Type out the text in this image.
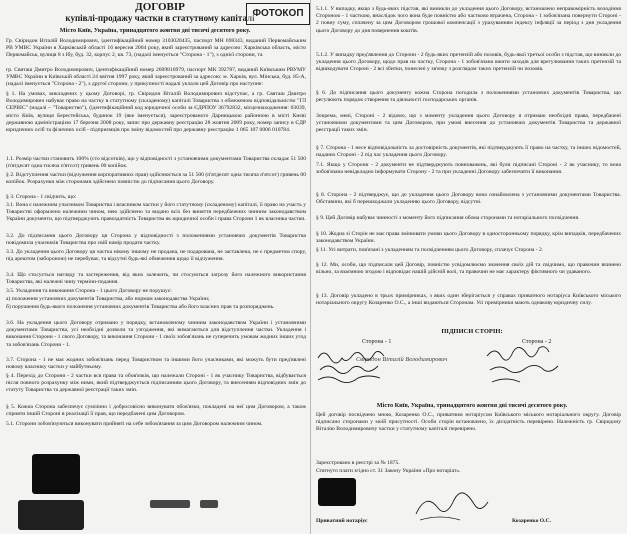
ДОГОВІР
купівлі-продажу частки в статутному капіталі
ФОТОКОП
Місто Київ, Україна, тринадцятого жовтня дві тисячі десятого року.
Гр. Свіридон Віталій Володимирович, ідентифікаційний номер 3103020435, паспорт МН 698343, виданий Первомайським РВ УМВС України в Харківській області 16 вересня 2004 року, який зареєстрований за адресою: Харківська область, місто Первомайськ, вулиця 8 з Ібу, буд. 32, корпус 2, кв. 73, (надалі іменується "Сторона - 1"), з однієї сторони, та
гр. Святаш Дмитро Володимирович, ідентифікаційний номер 2609816979, паспорт МК 392787, виданий Київським РВУМУ УМВС України в Київській області 24 квітня 1997 року, який зареєстрований за адресою: м. Харків, вул. Мінська, буд. 85-А, (надалі іменується "Сторона - 2"), з другої сторони, у прикупності надалі уклали цей Договір про наступне:
§ 1. На умовах, викладених у цьому Договорі, гр. Свіридон Віталій Володимирович відступає, а гр. Святаш Дмитро Володимирович набуває право на частку в статутному (складеному) капіталі Товариства з обмеженою відповідальністю "ГЛ СЕРВІС" (надалі – "Товариство"), (ідентифікаційний код юридичної особи за ЄДРПОУ 36792832, місцезнаходження: 03039, місто Київ, вулиця Берестейська, будинок 19 (яке іменується), зареєстрованого Дарницькою районною в місті Києві державною адміністрацією 17 березня 2008 року, запис про державну реєстрацію 28 жовтня 2009 року, номер запису в ЄДР юридичних осіб та фізичних осіб - підприємців про зміну відомостей про державну реєстрацію 1 065 107 0006 010784.
1.1. Розмір частки становить 100% (сто відсотків), що у відповідності з установчими документами Товариства складає 51 500 (п'ятдесят одна тисяча п'ятсот) гривень 00 копійок.
§ 2. Відступлення частки (відчуження корпоративних прав) здійснюється за 51 500 (п'ятдесят одна тисяча п'ятсот) гривень 00 копійок. Розрахунки між сторонами здійснено повністю до підписання цього Договору.
§ 3. Сторона - 1 свідчить, що:
3.1. Вона є належним учасником Товариства і власником частки у його статутному (складеному) капіталі, її право на участь у Товаристві оформлено належним чином, нею здійснено та видано всіх без виняття передбачених чинним законодавством України документи, що підтверджують правоздатність Товариства як юридичної особи і права Сторони 1 як власника частки.
3.2. До підписання цього Договору ця Сторона у відповідності з положеннями установчих документів Товариства повідомила учасників Товариства про свій намір продати частку.
3.3. До укладення цього Договору ця частка нікому іншому не продана, не подарована, не заставлена, не є предметом спору, під арештом (забороною) не перебуває, та відсутні будь-які обмеження щодо її відчуження.
3.4. Що стосується нагляду та застереження, від яких залежить, чи стосуються загрозу його належного використання Товариства, які належні чину терміни-подання.
3.5. Укладення та виконання Сторона - 1 цього Договору не порушує:
а) положення установчих документів Товариства, або нормам законодавства України;
б) порушення будь-якого положення установчих документів Товариства або його власних прав та розпоряджень.
3.6. На укладення цього Договору отримано у порядку, встановленому чинним законодавством України і установчими документами Товариства, усі необхідні дозволи та узгодження, які вимагаються для відступлення частки. Укладення і виконання Сторони - 1 свого Договору, та виконання Сторони - 1 своїх зобов'язань не суперечить умовам жодних інших угод та зобов'язань Сторони - 1.
3.7. Сторона - 1 не має жодних зобов'язань перед Товариством та іншими його учасниками, які можуть бути пред'явлені новому власнику частки у майбутньому.
§ 4. Перехід до Сторони - 2 частки вся права та обов'язків, що належали Стороні - 1 як учаснику Товариства, відбувається після повного розрахунку між ними, який підтверджується підписанням цього Договору, та внесенням відповідних змін до статуту Товариства та державної реєстрації таких змін.
§ 5. Кожна Сторона забезпечує сумлінно і добросовісно виконувати обов'язки, покладені на неї цим Договором, а також сприяти іншій Стороні в реалізації її прав, що передбачені цим Договором.
5.1. Сторони зобов'язуються виконувати прийняті на себе зобов'язання за цим Договором належним чином.
5.1.1. У випадку, якщо з будь-яких підстав, які виникли до укладення цього Договору, встановлено неправомірність володіння Стороною - 1 часткою, внаслідок чого вона буде повністю або частково втрачена, Сторона - 1 зобов'язана повернути Стороні - 2 повну суму, сплачену за цим Договором грошової компенсації з урахуванням індексу інфляції за період з дня укладення цього Договору до дня повернення коштів.
5.1.2. У випадку пред'явлення до Сторони - 2 будь-яких претензій або позовів, будь-якої третьої особи з підстав, що виникли до укладення цього Договору, щодо прав на частку, Сторона - 1 зобов'язана вжити заходів для врегулювання таких претензій та відшкодувати Стороні - 2 всі збитки, понесені у зв'язку з розглядом таких претензій чи позовів.
§ 6. До підписання цього документу кожна Сторона погодила з положеннями установчих документів Товариства, що регулюють порядок створення та діяльності господарських органів.
Зокрема, мені, Стороні - 2 відомо, що з моменту укладення цього Договору я отримаю необхідні права, передбачені установчими документами та цим Договором, при умові внесення до установчих документів Товариства та державної реєстрації таких змін.
§ 7. Сторона - 1 несе відповідальність за достовірність документів, які підтверджують її право на частку, та інших відомостей, наданих Стороні - 2 під час укладення цього Договору.
7.1. Якщо у Сторони - 2 документи не підтверджують повноважень, які були підписані Стороні - 2 як учаснику, то вона зобов'язана невідкладно інформувати Сторону - 2 та при укладенні Договору забезпечити її виконання.
§ 8. Сторона - 2 підтверджує, що до укладення цього Договору вона ознайомлена з установчими документами Товариства. Обставини, які б перешкоджали укладенню цього Договору, відсутні.
§ 9. Цей Договір набуває чинності з моменту його підписання обома сторонами та нотаріального посвідчення.
§ 10. Жодна зі Сторін не має права змінювати умови цього Договору в односторонньому порядку, крім випадків, передбачених законодавством України.
§ 11. Усі витрати, пов'язані з укладенням та посвідченням цього Договору, сплачує Сторона - 2.
§ 12. Ми, особи, що підписали цей Договір, повністю усвідомлюємо значення своїх дій та свідчимо, що правочин вчинено вільно, за взаємною згодою і відповідає нашій дійсній волі, та правочин не має характеру фіктивного чи удаваного.
§ 13. Договір укладено в трьох примірниках, з яких один зберігається у справах приватного нотаріуса Київського міського нотаріального округу Козаренко О.С., а інші видаються Сторонам. Усі примірники мають однакову юридичну силу.
ПІДПИСИ СТОРІН:
Сторона - 1	Сторона - 2
Свіридон Віталій Володимирович
Місто Київ, Україна, тринадцятого жовтня дві тисячі десятого року.
Цей договір посвідчено мною, Козаренко О.С., приватним нотаріусом Київського міського нотаріального округу. Договір підписано сторонами у моїй присутності. Особи сторін встановлено, їх дієздатність перевірено. Належність гр. Свіридону Віталію Володимировичу частки у статутному капіталі перевірено.
Зареєстровано в реєстрі за № 1875.
Стягнуто плати згідно ст. 31 Закону України «Про нотаріат».
Приватний нотаріус	Козаренко О.С.
